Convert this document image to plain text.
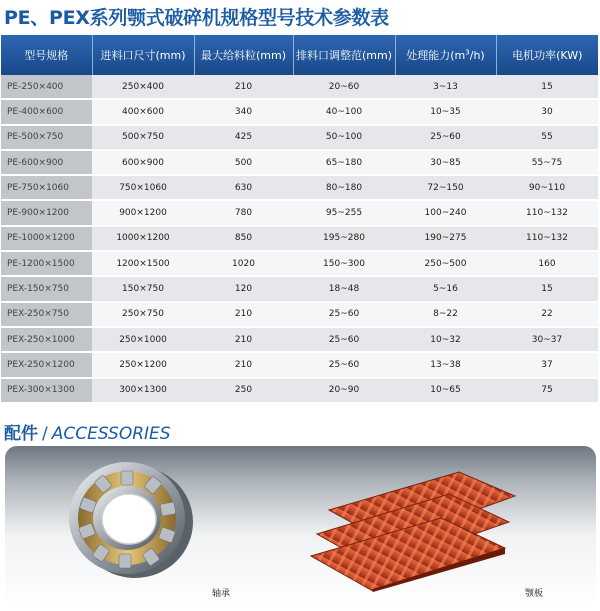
PE、PEX系列颚式破碎机规格型号技术参数表
型号规格	进料口尺寸(mm)	最大给料粒(mm)	排料口调整范(mm)	处理能力$(m^3/h)$	电机功率(KW)
PE-250×400	250×400	210	20~60	3~13	15
PE-400×600	400×600	340	40~100	10~35	30
PE-500×750	500×750	425	50~100	25~60	55
PE-600×900	600×900	500	65~180	30~85	55~75
PE-750×1060	750×1060	630	80~180	72~150	90~110
PE-900×1200	900×1200	780	95~255	100~240	110~132
PE-1000×1200	1000×1200	850	195~280	190~275	110~132
PE-1200×1500	1200×1500	1020	150~300	250~500	160
PEX-150×750	150×750	120	18~48	5~16	15
PEX-250×750	250×750	210	25~60	8~22	22
PEX-250×1000	250×1000	210	25~60	10~32	30~37
PEX-250×1200	250×1200	210	25~60	13~38	37
PEX-300×1300	300×1300	250	20~90	10~65	75
配件 / ACCESSORIES
轴承	颚板
